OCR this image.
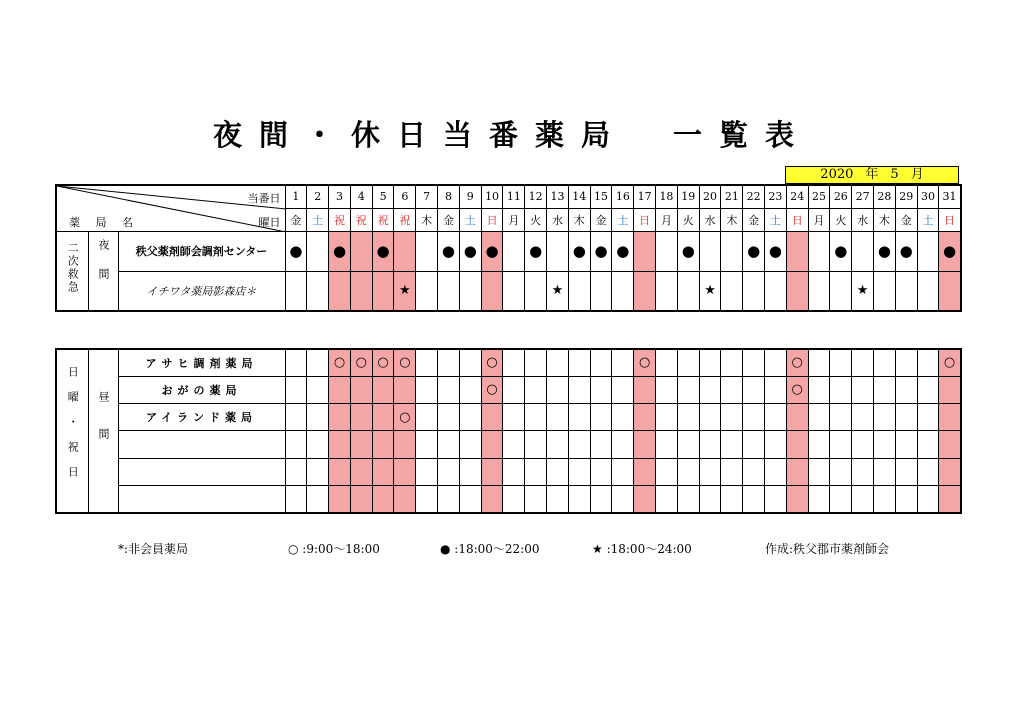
夜間・休日当番薬局　一覧表
2020 年 5 月
当番日
曜日
薬 局 名			1	2	3	4	5	6	7	8	9	10	11	12	13	14	15	16	17	18	19	20	21	22	23	24	25	26	27	28	29	30	31
			金	土	祝	祝	祝	祝	木	金	土	日	月	火	水	木	金	土	日	月	火	水	木	金	土	日	月	火	水	木	金	土	日
二次救急	夜間	秩父薬剤師会調剤センター	●		●		●			●	●	●		●		●	●	●			●			●	●			●		●	●		●
		イチワタ薬局影森店＊						★							★							★							★				
日曜・祝日	昼間	アサヒ調剤薬局			○	○	○	○				○							○							○							○
		おがの薬局										○														○							
		アイランド薬局						○																									

*:非会員薬局	○ :9:00～18:00	● :18:00～22:00	★ :18:00～24:00	作成:秩父郡市薬剤師会
